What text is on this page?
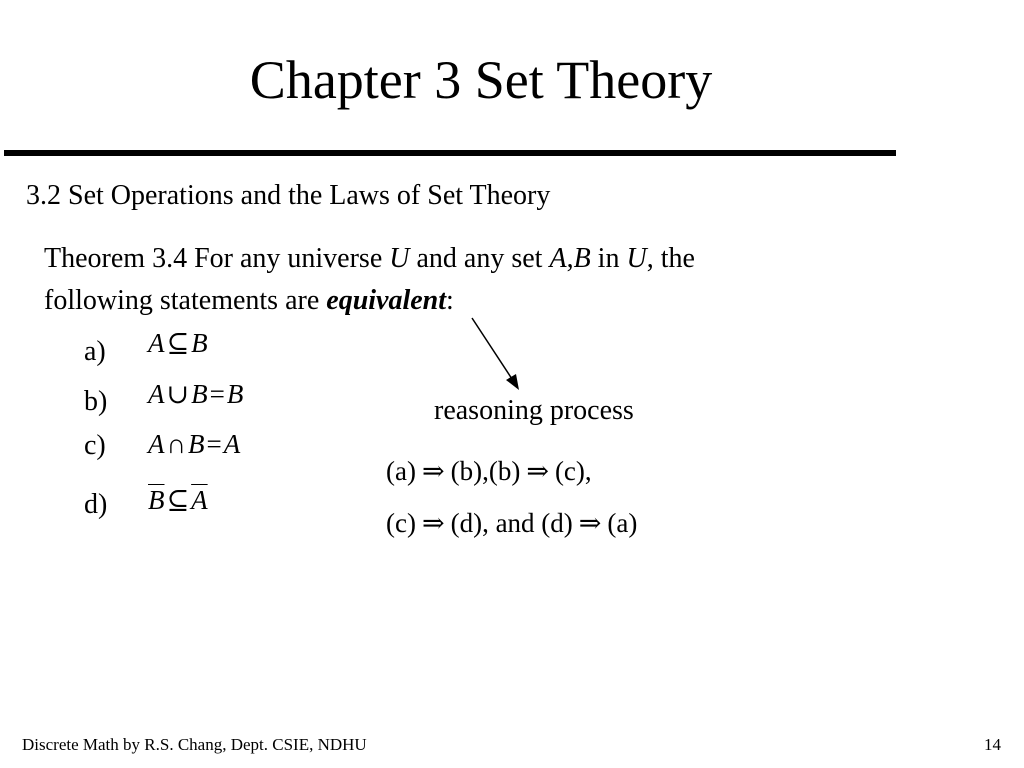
Chapter 3 Set Theory
3.2 Set Operations and the Laws of Set Theory
Theorem 3.4 For any universe U and any set A,B in U, the
following statements are equivalent:
a) A⊆B
b) A∪B=B
c) A∩B=A
d) $\overline{B}⊆\overline{A}$
reasoning process
(a) ⇒ (b),(b) ⇒ (c),
(c) ⇒ (d), and (d) ⇒ (a)
Discrete Math by R.S. Chang, Dept. CSIE, NDHU	14
